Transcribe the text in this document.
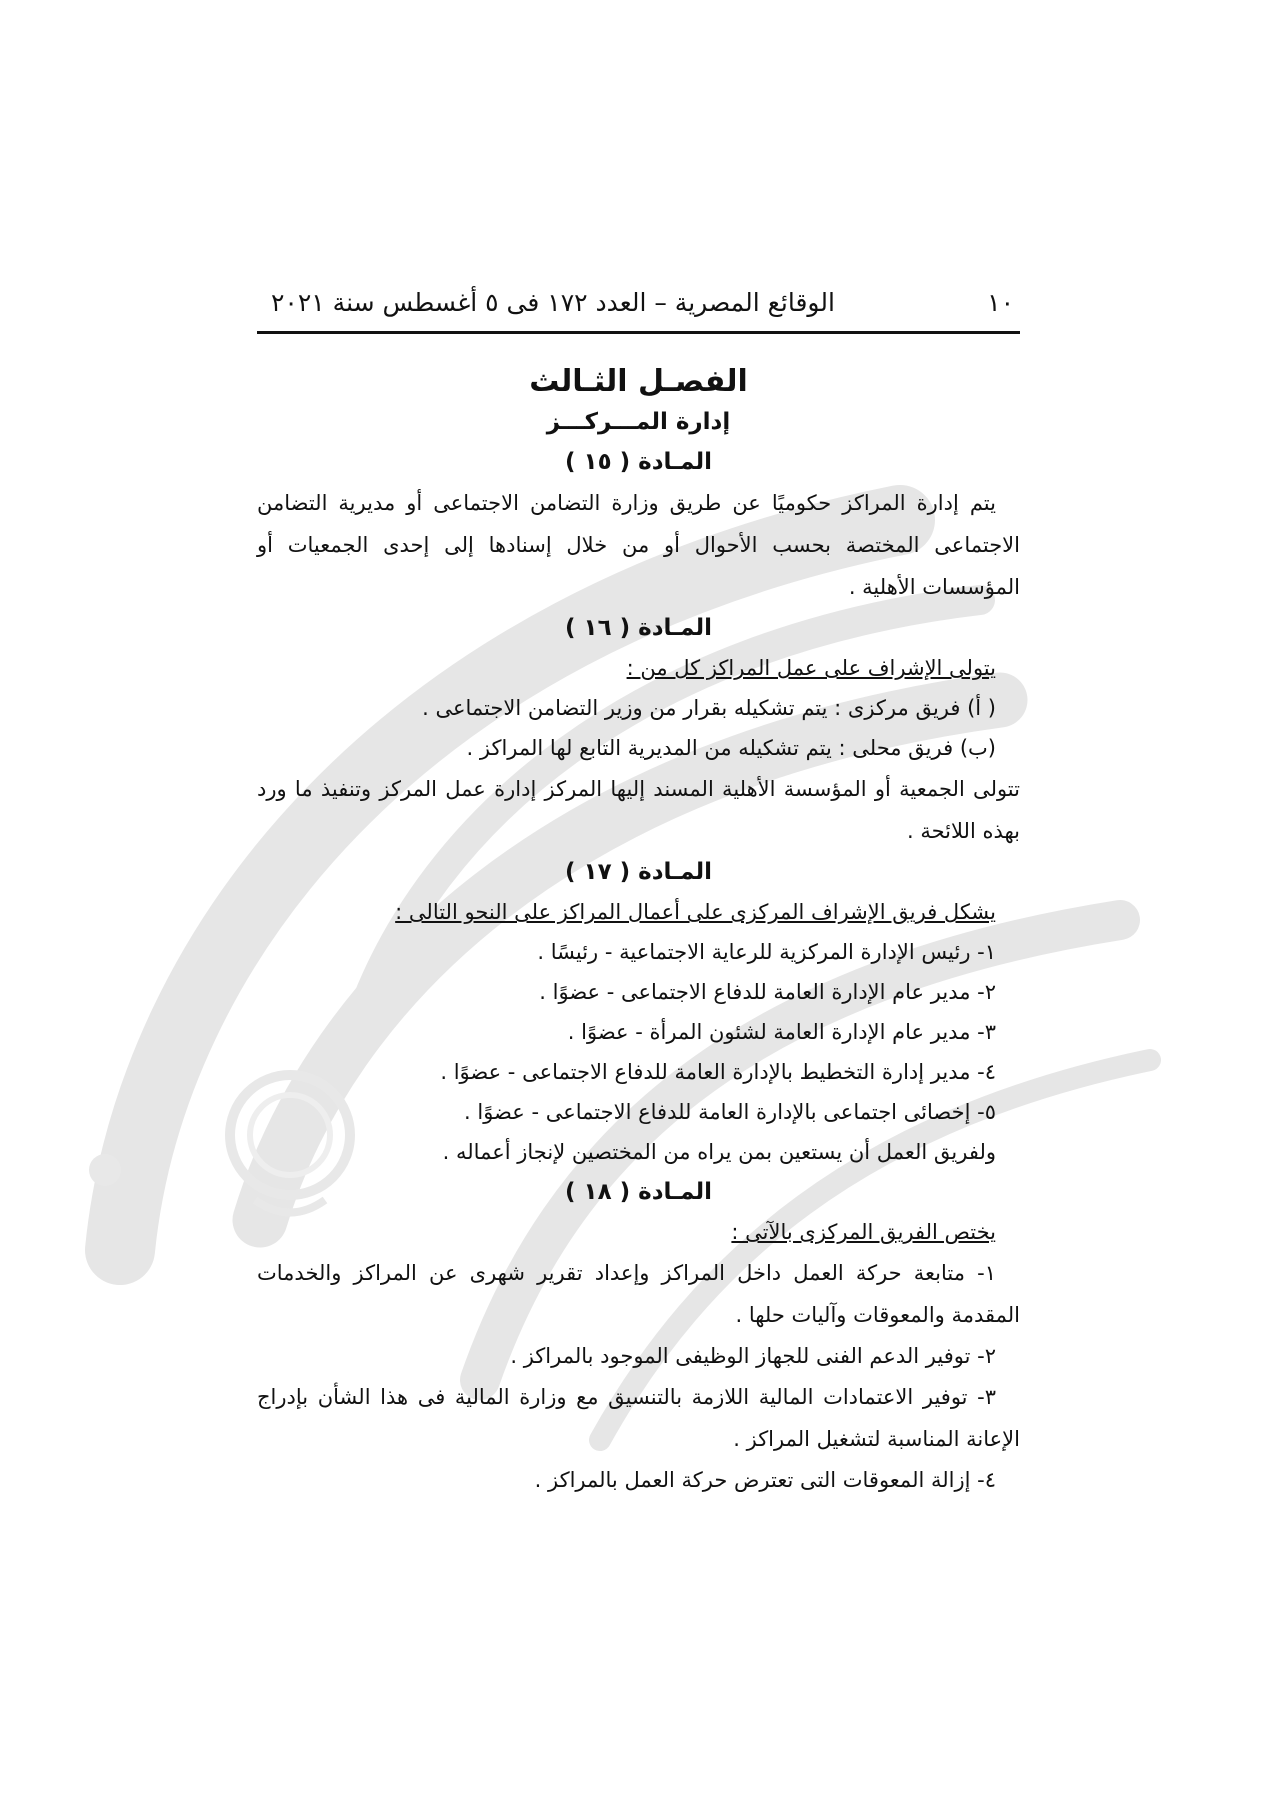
١٠
الوقائع المصرية – العدد ١٧٢ فى ٥ أغسطس سنة ٢٠٢١
الفصـل الثـالث
إدارة المـــركـــز
المـادة ( ١٥ )

يتم إدارة المراكز حكوميًا عن طريق وزارة التضامن الاجتماعى أو مديرية التضامن الاجتماعى المختصة بحسب الأحوال أو من خلال إسنادها إلى إحدى الجمعيات أو المؤسسات الأهلية .

المـادة ( ١٦ )

يتولى الإشراف على عمل المراكز كل من :

( أ) فريق مركزى : يتم تشكيله بقرار من وزير التضامن الاجتماعى .

(ب) فريق محلى : يتم تشكيله من المديرية التابع لها المراكز .

تتولى الجمعية أو المؤسسة الأهلية المسند إليها المركز إدارة عمل المركز وتنفيذ ما ورد بهذه اللائحة .

المـادة ( ١٧ )

يشكل فريق الإشراف المركزى على أعمال المراكز على النحو التالى :

١- رئيس الإدارة المركزية للرعاية الاجتماعية - رئيسًا .

٢- مدير عام الإدارة العامة للدفاع الاجتماعى - عضوًا .

٣- مدير عام الإدارة العامة لشئون المرأة - عضوًا .

٤- مدير إدارة التخطيط بالإدارة العامة للدفاع الاجتماعى - عضوًا .

٥- إخصائى اجتماعى بالإدارة العامة للدفاع الاجتماعى - عضوًا .

ولفريق العمل أن يستعين بمن يراه من المختصين لإنجاز أعماله .

المـادة ( ١٨ )

يختص الفريق المركزى بالآتى :

١- متابعة حركة العمل داخل المراكز وإعداد تقرير شهرى عن المراكز والخدمات المقدمة والمعوقات وآليات حلها .

٢- توفير الدعم الفنى للجهاز الوظيفى الموجود بالمراكز .

٣- توفير الاعتمادات المالية اللازمة بالتنسيق مع وزارة المالية فى هذا الشأن بإدراج الإعانة المناسبة لتشغيل المراكز .

٤- إزالة المعوقات التى تعترض حركة العمل بالمراكز .
